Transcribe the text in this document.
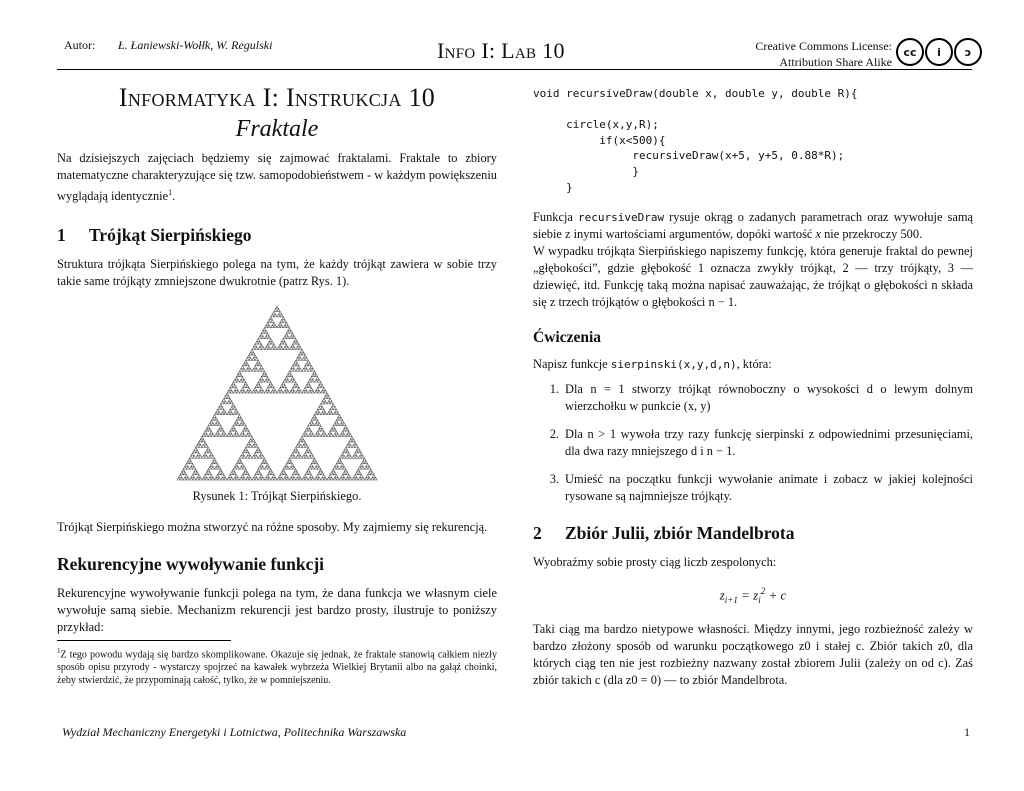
Autor: Ł. Łaniewski-Wołłk, W. Regulski	Info I: Lab 10	Creative Commons License:
Attribution Share Alike
cc	i	ↄ
Informatyka I: Instrukcja 10
Fraktale

Na dzisiejszych zajęciach będziemy się zajmować fraktalami. Fraktale to zbiory matematyczne charakteryzujące się tzw. samopodobieństwem - w każdym powiększeniu wyglądają identycznie$^1$.

1 Trójkąt Sierpińskiego

Struktura trójkąta Sierpińskiego polega na tym, że każdy trójkąt zawiera w sobie trzy takie same trójkąty zmniejszone dwukrotnie (patrz Rys. 1).

Rysunek 1: Trójkąt Sierpińskiego.

Trójkąt Sierpińskiego można stworzyć na różne sposoby. My zajmiemy się rekurencją.

Rekurencyjne wywoływanie funkcji

Rekurencyjne wywoływanie funkcji polega na tym, że dana funkcja we własnym ciele wywołuje samą siebie. Mechanizm rekurencji jest bardzo prosty, ilustruje to poniższy przykład:

$^1$Z tego powodu wydają się bardzo skomplikowane. Okazuje się jednak, że fraktale stanowią całkiem niezły sposób opisu przyrody - wystarczy spojrzeć na kawałek wybrzeża Wielkiej Brytanii albo na gałąź choinki, żeby stwierdzić, że przypominają całość, tylko, że w pomniejszeniu.

void recursiveDraw(double x, double y, double R){

circle(x,y,R);
if(x<500){
recursiveDraw(x+5, y+5, 0.88*R);
}
}

Funkcja recursiveDraw rysuje okrąg o zadanych parametrach oraz wywołuje samą siebie z inymi wartościami argumentów, dopóki wartość x nie przekroczy 500.

W wypadku trójkąta Sierpińskiego napiszemy funkcję, która generuje fraktal do pewnej „głębokości”, gdzie głębokość 1 oznacza zwykły trójkąt, 2 — trzy trójkąty, 3 — dziewięć, itd. Funkcję taką można napisać zauważając, że trójkąt o głębokości n składa się z trzech trójkątów o głębokości n − 1.

Ćwiczenia

Napisz funkcje sierpinski(x,y,d,n), która:

1. Dla n = 1 stworzy trójkąt równoboczny o wysokości d o lewym dolnym wierzchołku w punkcie (x, y)
2. Dla n > 1 wywoła trzy razy funkcję sierpinski z odpowiednimi przesunięciami, dla dwa razy mniejszego d i n − 1.
3. Umieść na początku funkcji wywołanie animate i zobacz w jakiej kolejności rysowane są najmniejsze trójkąty.
2 Zbiór Julii, zbiór Mandelbrota

Wyobraźmy sobie prosty ciąg liczb zespolonych:

$z_{i+1} = z_i^2 + c$

Taki ciąg ma bardzo nietypowe własności. Między innymi, jego rozbieżność zależy w bardzo złożony sposób od warunku początkowego z0 i stałej c. Zbiór takich z0, dla których ciąg ten nie jest rozbieżny nazwany został zbiorem Julii (zależy on od c). Zaś zbiór takich c (dla z0 = 0) — to zbiór Mandelbrota.

Wydział Mechaniczny Energetyki i Lotnictwa, Politechnika Warszawska	1
